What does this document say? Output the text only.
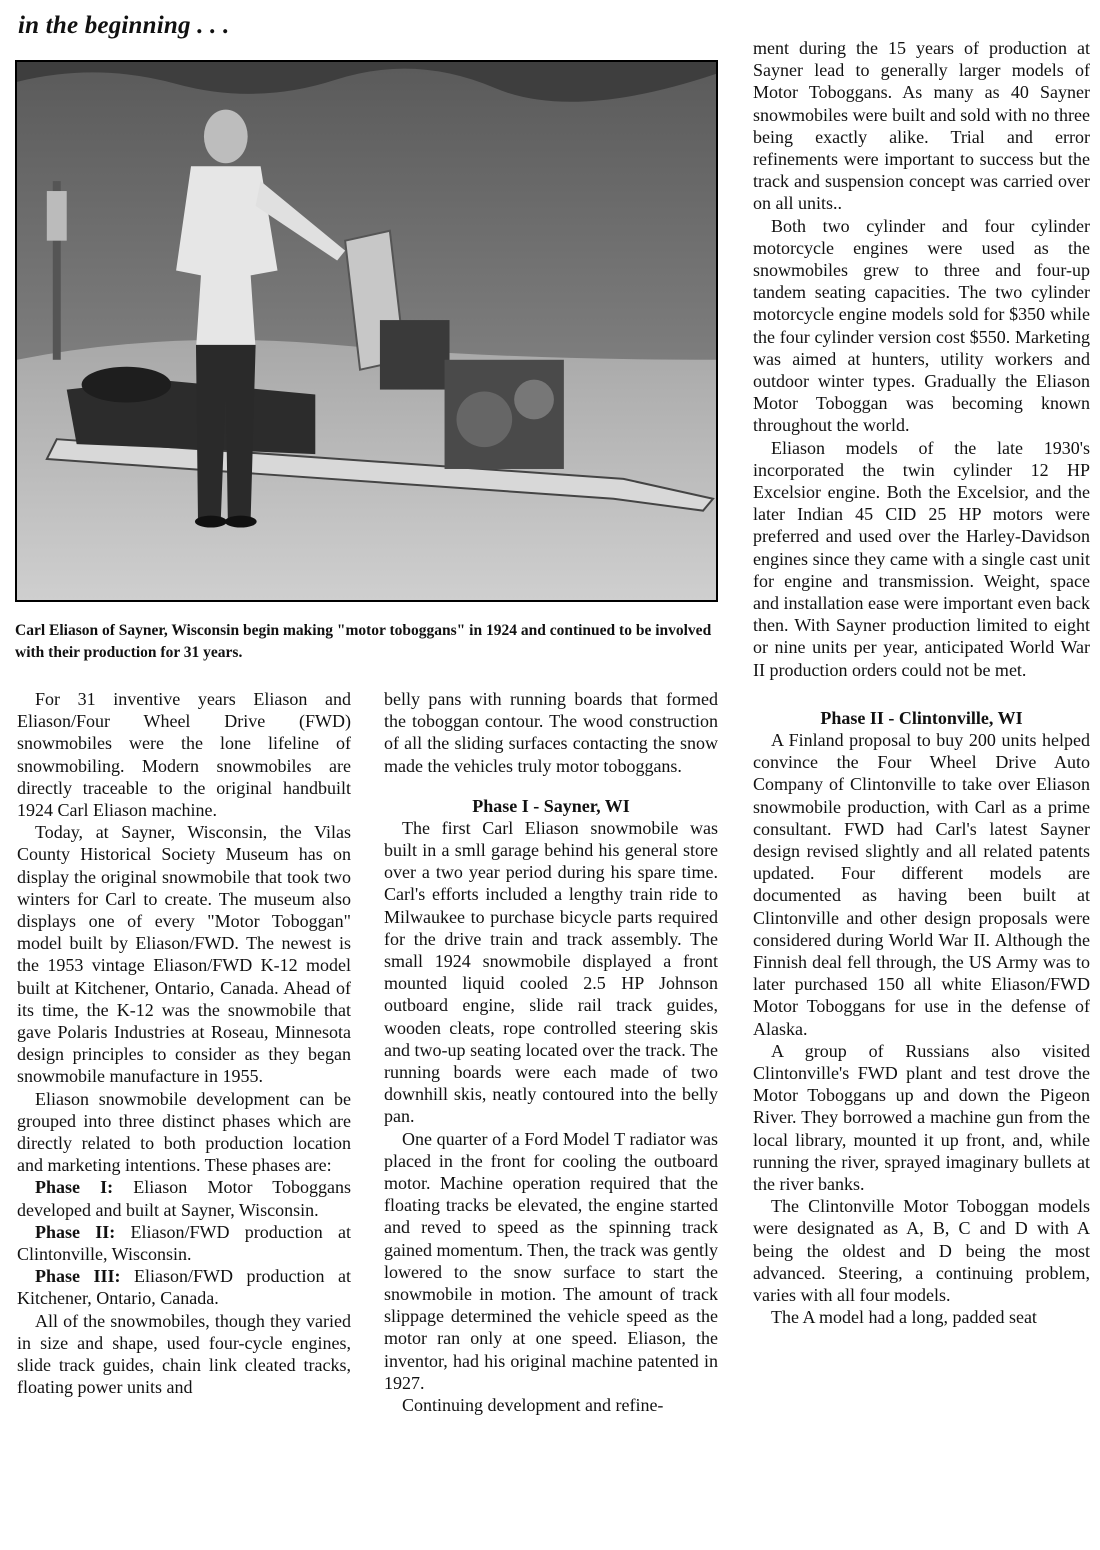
in the beginning . . .

Carl Eliason of Sayner, Wisconsin begin making "motor toboggans" in 1924 and continued to be involved with their production for 31 years.

For 31 inventive years Eliason and Eliason/Four Wheel Drive (FWD) snowmobiles were the lone lifeline of snowmobiling. Modern snowmobiles are directly traceable to the original handbuilt 1924 Carl Eliason machine.

Today, at Sayner, Wisconsin, the Vilas County Historical Society Museum has on display the original snowmobile that took two winters for Carl to create. The museum also displays one of every "Motor Toboggan" model built by Eliason/FWD. The newest is the 1953 vintage Eliason/FWD K-12 model built at Kitchener, Ontario, Canada. Ahead of its time, the K-12 was the snowmobile that gave Polaris Industries at Roseau, Minnesota design principles to consider as they began snowmobile manufacture in 1955.

Eliason snowmobile development can be grouped into three distinct phases which are directly related to both production location and marketing intentions. These phases are:

Phase I: Eliason Motor Toboggans developed and built at Sayner, Wisconsin.

Phase II: Eliason/FWD production at Clintonville, Wisconsin.

Phase III: Eliason/FWD production at Kitchener, Ontario, Canada.

All of the snowmobiles, though they varied in size and shape, used four-cycle engines, slide track guides, chain link cleated tracks, floating power units and

belly pans with running boards that formed the toboggan contour. The wood construction of all the sliding surfaces contacting the snow made the vehicles truly motor toboggans.

Phase I - Sayner, WI

The first Carl Eliason snowmobile was built in a smll garage behind his general store over a two year period during his spare time. Carl's efforts included a lengthy train ride to Milwaukee to purchase bicycle parts required for the drive train and track assembly. The small 1924 snowmobile displayed a front mounted liquid cooled 2.5 HP Johnson outboard engine, slide rail track guides, wooden cleats, rope controlled steering skis and two-up seating located over the track. The running boards were each made of two downhill skis, neatly contoured into the belly pan.

One quarter of a Ford Model T radiator was placed in the front for cooling the outboard motor. Machine operation required that the floating tracks be elevated, the engine started and reved to speed as the spinning track gained momentum. Then, the track was gently lowered to the snow surface to start the snowmobile in motion. The amount of track slippage determined the vehicle speed as the motor ran only at one speed. Eliason, the inventor, had his original machine patented in 1927.

Continuing development and refine-

ment during the 15 years of production at Sayner lead to generally larger models of Motor Toboggans. As many as 40 Sayner snowmobiles were built and sold with no three being exactly alike. Trial and error refinements were important to success but the track and suspension concept was carried over on all units..

Both two cylinder and four cylinder motorcycle engines were used as the snowmobiles grew to three and four-up tandem seating capacities. The two cylinder motorcycle engine models sold for $350 while the four cylinder version cost $550. Marketing was aimed at hunters, utility workers and outdoor winter types. Gradually the Eliason Motor Toboggan was becoming known throughout the world.

Eliason models of the late 1930's incorporated the twin cylinder 12 HP Excelsior engine. Both the Excelsior, and the later Indian 45 CID 25 HP motors were preferred and used over the Harley-Davidson engines since they came with a single cast unit for engine and transmission. Weight, space and installation ease were important even back then. With Sayner production limited to eight or nine units per year, anticipated World War II production orders could not be met.

Phase II - Clintonville, WI

A Finland proposal to buy 200 units helped convince the Four Wheel Drive Auto Company of Clintonville to take over Eliason snowmobile production, with Carl as a prime consultant. FWD had Carl's latest Sayner design revised slightly and all related patents updated. Four different models are documented as having been built at Clintonville and other design proposals were considered during World War II. Although the Finnish deal fell through, the US Army was to later purchased 150 all white Eliason/FWD Motor Toboggans for use in the defense of Alaska.

A group of Russians also visited Clintonville's FWD plant and test drove the Motor Toboggans up and down the Pigeon River. They borrowed a machine gun from the local library, mounted it up front, and, while running the river, sprayed imaginary bullets at the river banks.

The Clintonville Motor Toboggan models were designated as A, B, C and D with A being the oldest and D being the most advanced. Steering, a continuing problem, varies with all four models.

The A model had a long, padded seat
